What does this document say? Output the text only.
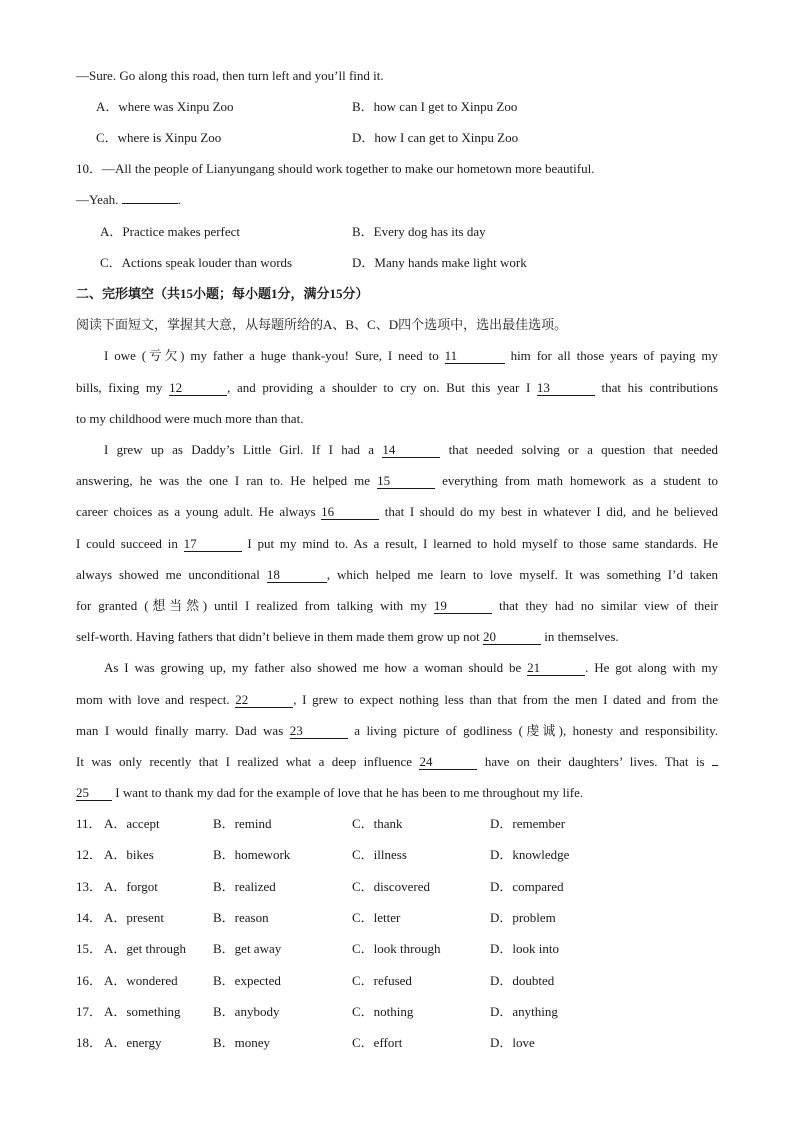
—Sure. Go along this road, then turn left and you’ll find it.
A．where was Xinpu Zoo	B．how can I get to Xinpu Zoo
C．where is Xinpu Zoo	D．how I can get to Xinpu Zoo
10．—All the people of Lianyungang should work together to make our hometown more beautiful.
—Yeah.	.
A．Practice makes perfect	B．Every dog has its day
C．Actions speak louder than words	D．Many hands make light work
二、完形填空（共15小题；每小题1分，满分15分）
阅读下面短文，掌握其大意，从每题所给的A、B、C、D四个选项中，选出最佳选项。
I owe (亏欠) my father a huge thank-you! Sure, I need to 11	him for all those years of paying my
bills, fixing my 12	, and providing a shoulder to cry on. But this year I 13	that his contributions
to my childhood were much more than that.
I grew up as Daddy’s Little Girl. If I had a 14	that needed solving or a question that needed
answering, he was the one I ran to. He helped me 15	everything from math homework as a student to
career choices as a young adult. He always 16	that I should do my best in whatever I did, and he believed
I could succeed in 17	I put my mind to. As a result, I learned to hold myself to those same standards. He
always showed me unconditional 18	, which helped me learn to love myself. It was something I’d taken
for granted (想当然) until I realized from talking with my 19	that they had no similar view of their
self-worth. Having fathers that didn’t believe in them made them grow up not 20	in themselves.
As I was growing up, my father also showed me how a woman should be 21	. He got along with my
mom with love and respect. 22	, I grew to expect nothing less than that from the men I dated and from the
man I would finally marry. Dad was 23	a living picture of godliness (虔诚), honesty and responsibility.
It was only recently that I realized what a deep influence 24	have on their daughters’ lives. That is
25 I want to thank my dad for the example of love that he has been to me throughout my life.
11． A．accept	B．remind	C．thank	D．remember
12． A．bikes	B．homework	C．illness	D．knowledge
13． A．forgot	B．realized	C．discovered	D．compared
14． A．present	B．reason	C．letter	D．problem
15． A．get through B．get away	C．look through	D．look into
16． A．wondered	B．expected	C．refused	D．doubted
17． A．something B．anybody	C．nothing	D．anything
18． A．energy	B．money	C．effort	D．love
